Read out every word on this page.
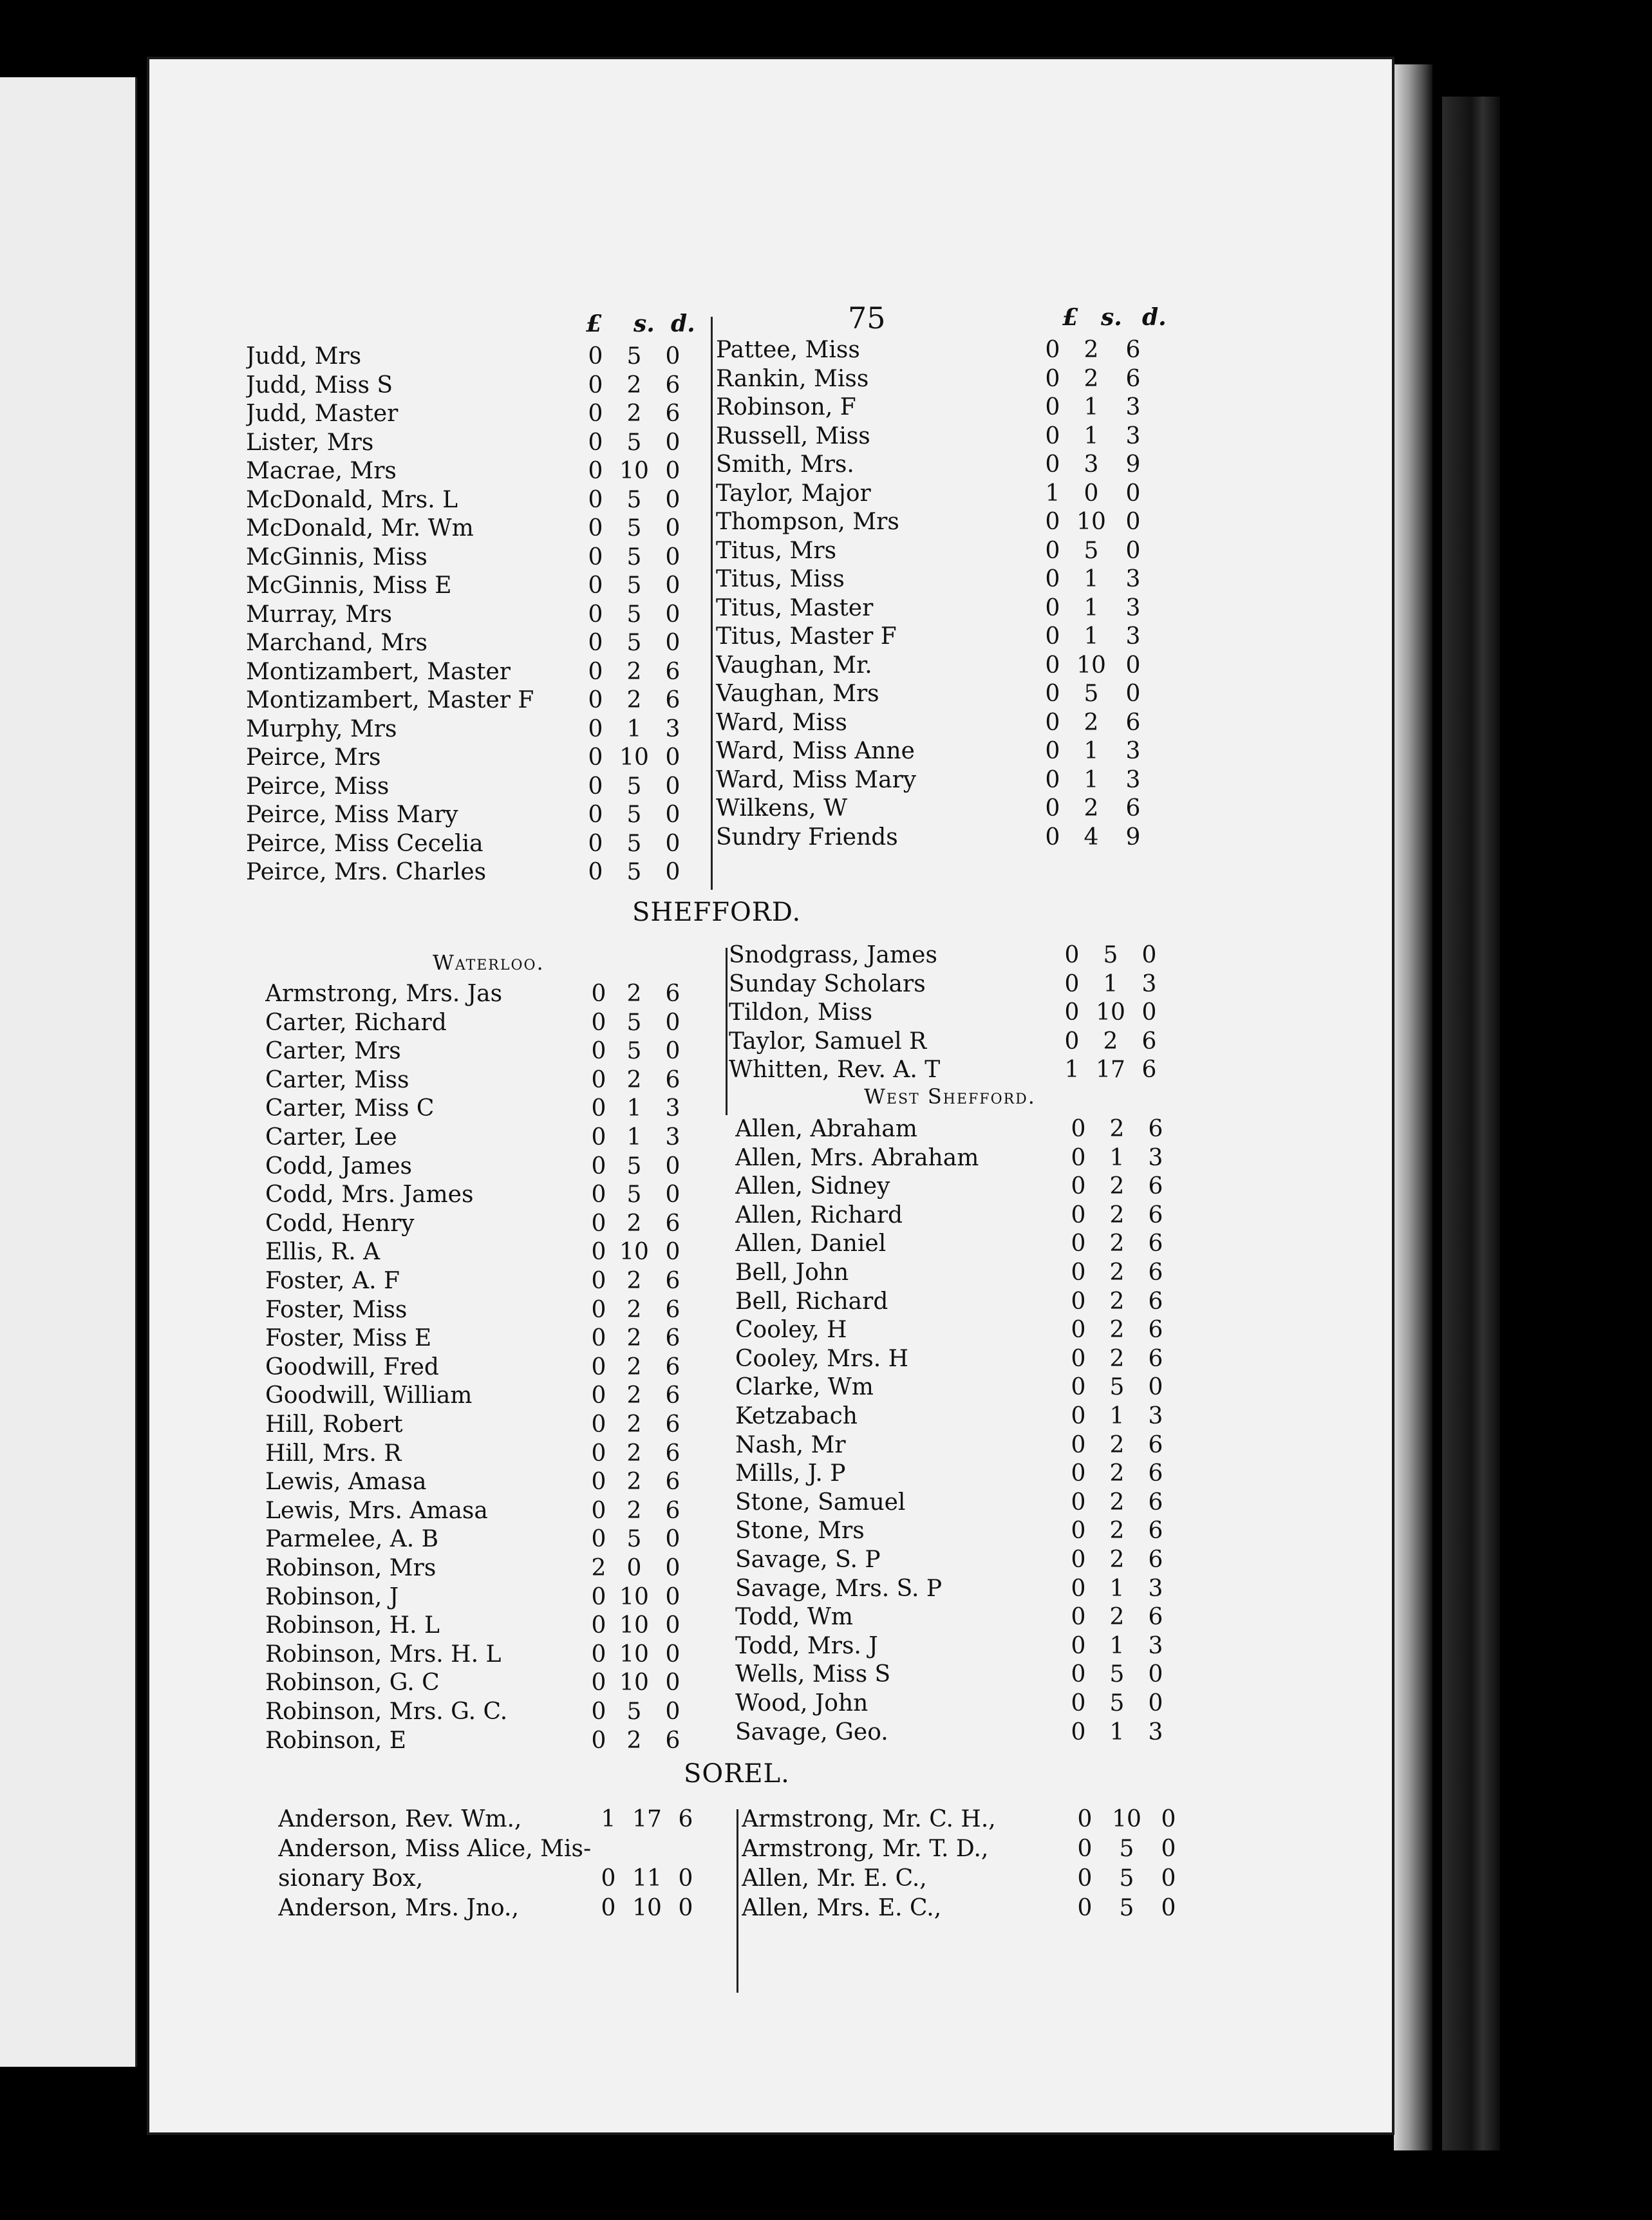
75
£ s. d.	£ s. d.
Judd, Mrs .....	0	5	0
Judd, Miss S .....	0	2	6
Judd, Master .....	0	2	6
Lister, Mrs .....	0	5	0
Macrae, Mrs .....	0 10 0
McDonald, Mrs. L .....	0	5	0
McDonald, Mr. Wm .....	0	5	0
McGinnis, Miss .....	0	5	0
McGinnis, Miss E .....	0	5	0
Murray, Mrs .....	0	5	0
Marchand, Mrs .....	0	5	0
Montizambert, Master .....	0	2	6
Montizambert, Master F .....	0	2	6
Murphy, Mrs .....	0	1	3
Peirce, Mrs .....	0 10 0
Peirce, Miss .....	0	5	0
Peirce, Miss Mary .....	0	5	0
Peirce, Miss Cecelia .....	0	5	0
Peirce, Mrs. Charles .....	0	5	0
Pattee, Miss .....	0	2	6
Rankin, Miss .....	0	2	6
Robinson, F .....	0	1	3
Russell, Miss .....	0	1	3
Smith, Mrs. .....	0	3	9
Taylor, Major .....	1	0	0
Thompson, Mrs .....	0 10 0
Titus, Mrs .....	0	5	0
Titus, Miss .....	0	1	3
Titus, Master .....	0	1	3
Titus, Master F .....	0	1	3
Vaughan, Mr. .....	0 10 0
Vaughan, Mrs .....	0	5	0
Ward, Miss .....	0	2	6
Ward, Miss Anne .....	0	1	3
Ward, Miss Mary .....	0	1	3
Wilkens, W .....	0	2	6
Sundry Friends .....	0	4	9
SHEFFORD.
Waterloo.
West Shefford.
Armstrong, Mrs. Jas .....	0 2	6
Carter, Richard .....	0 5	0
Carter, Mrs .....	0 5	0
Carter, Miss .....	0 2	6
Carter, Miss C .....	0 1	3
Carter, Lee .....	0 1	3
Codd, James .....	0 5	0
Codd, Mrs. James .....	0 5	0
Codd, Henry .....	0 2	6
Ellis, R. A .....	0 10 0
Foster, A. F .....	0 2	6
Foster, Miss .....	0 2	6
Foster, Miss E .....	0 2	6
Goodwill, Fred .....	0 2	6
Goodwill, William .....	0 2	6
Hill, Robert .....	0 2	6
Hill, Mrs. R .....	0 2	6
Lewis, Amasa .....	0 2	6
Lewis, Mrs. Amasa .....	0 2	6
Parmelee, A. B .....	0 5	0
Robinson, Mrs .....	2 0	0
Robinson, J .....	0 10 0
Robinson, H. L .....	0 10 0
Robinson, Mrs. H. L .....	0 10 0
Robinson, G. C .....	0 10 0
Robinson, Mrs. G. C. .....	0 5	0
Robinson, E .....	0 2	6
Snodgrass, James .....	0	5	0
Sunday Scholars .....	0	1	3
Tildon, Miss .....	0 10 0
Taylor, Samuel R .....	0	2	6
Whitten, Rev. A. T .....	1 17 6
Allen, Abraham .....	0	2	6
Allen, Mrs. Abraham .....	0	1	3
Allen, Sidney .....	0	2	6
Allen, Richard .....	0	2	6
Allen, Daniel .....	0	2	6
Bell, John .....	0	2	6
Bell, Richard .....	0	2	6
Cooley, H .....	0	2	6
Cooley, Mrs. H .....	0	2	6
Clarke, Wm .....	0	5	0
Ketzabach .....	0	1	3
Nash, Mr .....	0	2	6
Mills, J. P .....	0	2	6
Stone, Samuel .....	0	2	6
Stone, Mrs .....	0	2	6
Savage, S. P .....	0	2	6
Savage, Mrs. S. P .....	0	1	3
Todd, Wm .....	0	2	6
Todd, Mrs. J .....	0	1	3
Wells, Miss S .....	0	5	0
Wood, John .....	0	5	0
Savage, Geo. .....	0	1	3
SOREL.
Anderson, Rev. Wm., .....	1 17 6
Anderson, Miss Alice, Mis-
sionary Box, .....	0 11 0
Anderson, Mrs. Jno., .....	0 10 0
Armstrong, Mr. C. H., .....	0 10 0
Armstrong, Mr. T. D., .....	0	5	0
Allen, Mr. E. C., .....	0	5	0
Allen, Mrs. E. C., .....	0	5	0
